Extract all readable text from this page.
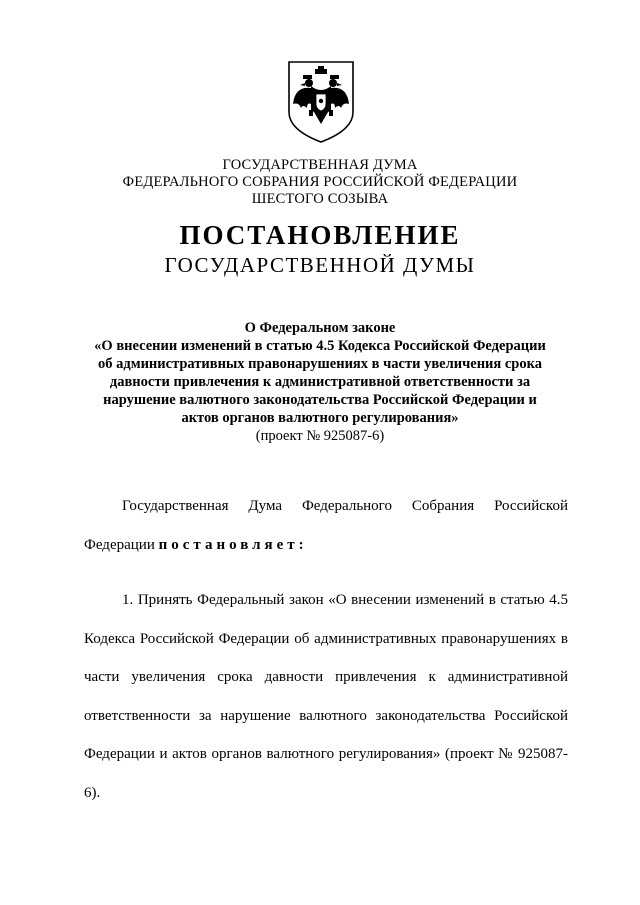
ГОСУДАРСТВЕННАЯ ДУМА
ФЕДЕРАЛЬНОГО СОБРАНИЯ РОССИЙСКОЙ ФЕДЕРАЦИИ
ШЕСТОГО СОЗЫВА
ПОСТАНОВЛЕНИЕ
ГОСУДАРСТВЕННОЙ ДУМЫ
О Федеральном законе
«О внесении изменений в статью 4.5 Кодекса Российской Федерации
об административных правонарушениях в части увеличения срока
давности привлечения к административной ответственности за
нарушение валютного законодательства Российской Федерации и
актов органов валютного регулирования»
(проект № 925087-6)
Государственная Дума Федерального Собрания Российской Федерации постановляет:
1. Принять Федеральный закон «О внесении изменений в статью 4.5 Кодекса Российской Федерации об административных правонарушениях в части увеличения срока давности привлечения к административной ответственности за нарушение валютного законодательства Российской Федерации и актов органов валютного регулирования» (проект № 925087-6).
